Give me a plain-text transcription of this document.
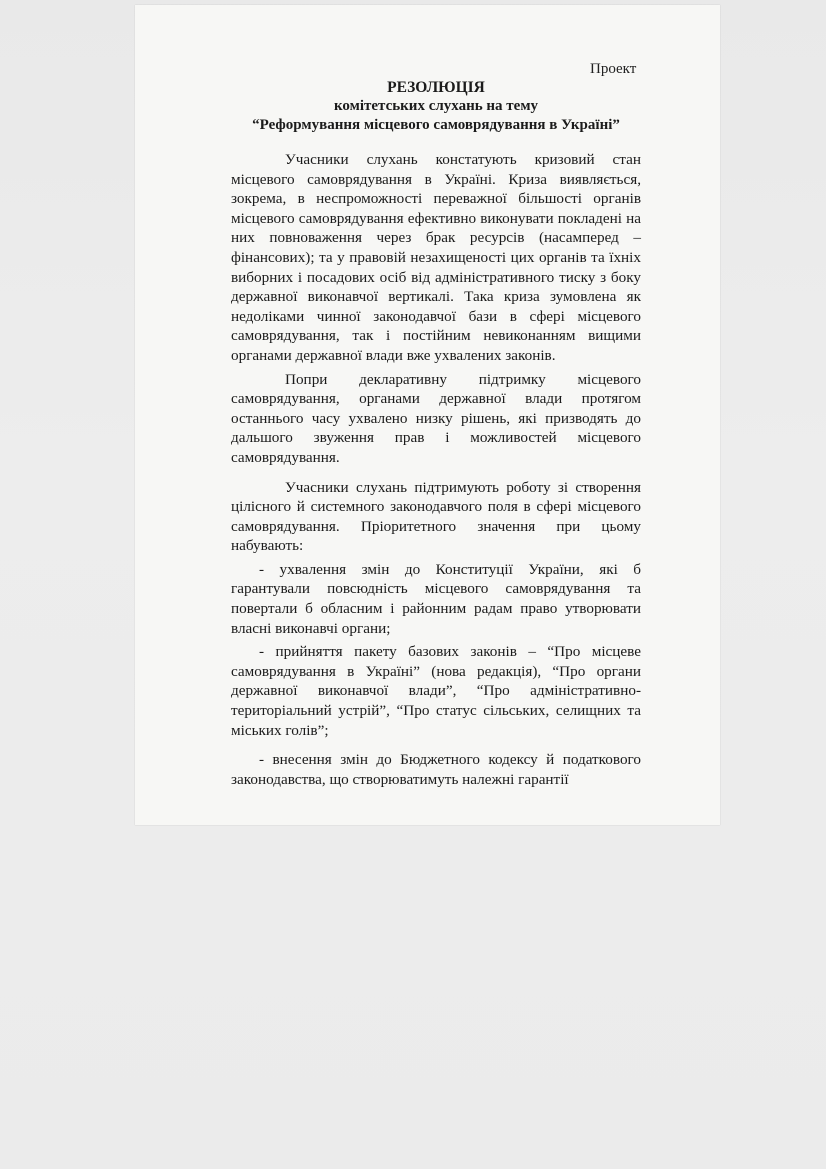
Проект
РЕЗОЛЮЦІЯ
комітетських слухань на тему
“Реформування місцевого самоврядування в Україні”

Учасники слухань констатують кризовий стан місцевого самоврядування в Україні. Криза виявляється, зокрема, в неспроможності переважної більшості органів місцевого самоврядування ефективно виконувати покладені на них повноваження через брак ресурсів (насамперед – фінансових); та у правовій незахищеності цих органів та їхніх виборних і посадових осіб від адміністративного тиску з боку державної виконавчої вертикалі. Така криза зумовлена як недоліками чинної законодавчої бази в сфері місцевого самоврядування, так і постійним невиконанням вищими органами державної влади вже ухвалених законів.

Попри декларативну підтримку місцевого самоврядування, органами державної влади протягом останнього часу ухвалено низку рішень, які призводять до дальшого звуження прав і можливостей місцевого самоврядування.

Учасники слухань підтримують роботу зі створення цілісного й системного законодавчого поля в сфері місцевого самоврядування. Пріоритетного значення при цьому набувають:

- ухвалення змін до Конституції України, які б гарантували повсюдність місцевого самоврядування та повертали б обласним і районним радам право утворювати власні виконавчі органи;

- прийняття пакету базових законів – “Про місцеве самоврядування в Україні” (нова редакція), “Про органи державної виконавчої влади”, “Про адміністративно-територіальний устрій”, “Про статус сільських, селищних та міських голів”;

- внесення змін до Бюджетного кодексу й податкового законодавства, що створюватимуть належні гарантії
